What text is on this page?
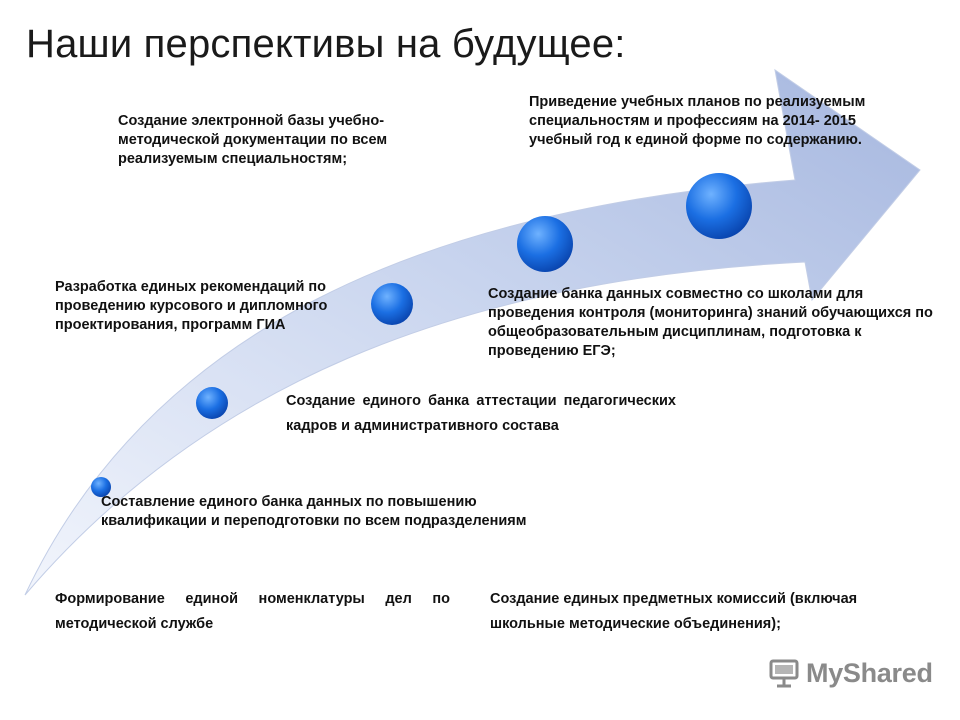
Наши перспективы на будущее:
Создание электронной базы учебно-методической документации по всем реализуемым специальностям;
Приведение учебных планов по реализуемым специальностям и профессиям на 2014- 2015 учебный год к единой форме по содержанию.
Разработка единых рекомендаций по проведению курсового и дипломного проектирования, программ ГИА
Создание банка данных совместно со школами для проведения контроля (мониторинга) знаний обучающихся по общеобразовательным дисциплинам, подготовка к проведению ЕГЭ;
Создание единого банка аттестации педагогических кадров и административного состава
Составление единого банка данных по повышению квалификации и переподготовки по всем подразделениям
Формирование единой номенклатуры дел по методической службе
Создание единых предметных комиссий (включая школьные методические объединения);
MyShared
